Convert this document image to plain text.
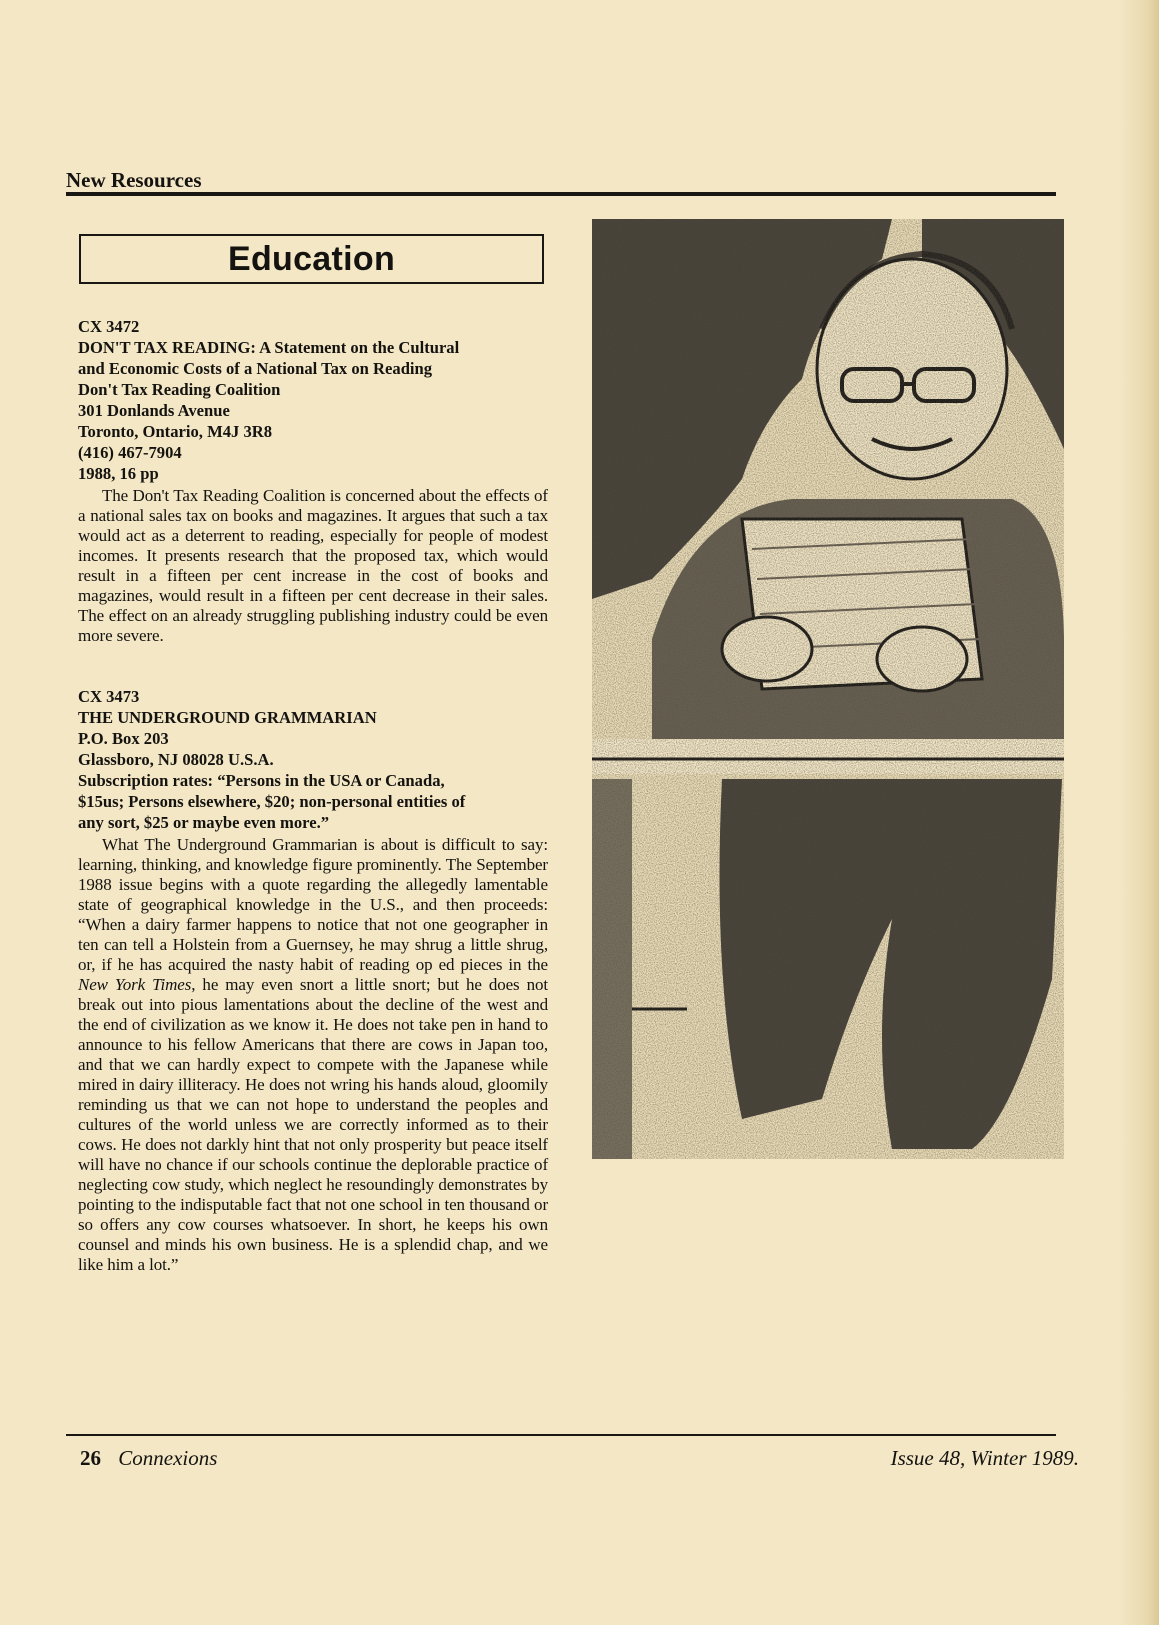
New Resources
Education
CX 3472
DON'T TAX READING: A Statement on the Cultural
and Economic Costs of a National Tax on Reading
Don't Tax Reading Coalition
301 Donlands Avenue
Toronto, Ontario, M4J 3R8
(416) 467-7904
1988, 16 pp
The Don't Tax Reading Coalition is concerned about the effects of a national sales tax on books and magazines. It argues that such a tax would act as a deterrent to reading, especially for people of modest incomes. It presents research that the proposed tax, which would result in a fifteen per cent increase in the cost of books and magazines, would result in a fifteen per cent decrease in their sales. The effect on an already struggling publishing industry could be even more severe.
CX 3473
THE UNDERGROUND GRAMMARIAN
P.O. Box 203
Glassboro, NJ 08028 U.S.A.
Subscription rates: “Persons in the USA or Canada,
$15us; Persons elsewhere, $20; non-personal entities of
any sort, $25 or maybe even more.”
What The Underground Grammarian is about is difficult to say: learning, thinking, and knowledge figure prominently. The September 1988 issue begins with a quote regarding the allegedly lamentable state of geographical knowledge in the U.S., and then proceeds: “When a dairy farmer happens to notice that not one geographer in ten can tell a Holstein from a Guernsey, he may shrug a little shrug, or, if he has acquired the nasty habit of reading op ed pieces in the New York Times, he may even snort a little snort; but he does not break out into pious lamentations about the decline of the west and the end of civilization as we know it. He does not take pen in hand to announce to his fellow Americans that there are cows in Japan too, and that we can hardly expect to compete with the Japanese while mired in dairy illiteracy. He does not wring his hands aloud, gloomily reminding us that we can not hope to understand the peoples and cultures of the world unless we are correctly informed as to their cows. He does not darkly hint that not only prosperity but peace itself will have no chance if our schools continue the deplorable practice of neglecting cow study, which neglect he resoundingly demonstrates by pointing to the indisputable fact that not one school in ten thousand or so offers any cow courses whatsoever. In short, he keeps his own counsel and minds his own business. He is a splendid chap, and we like him a lot.”
26 Connexions	Issue 48, Winter 1989.
